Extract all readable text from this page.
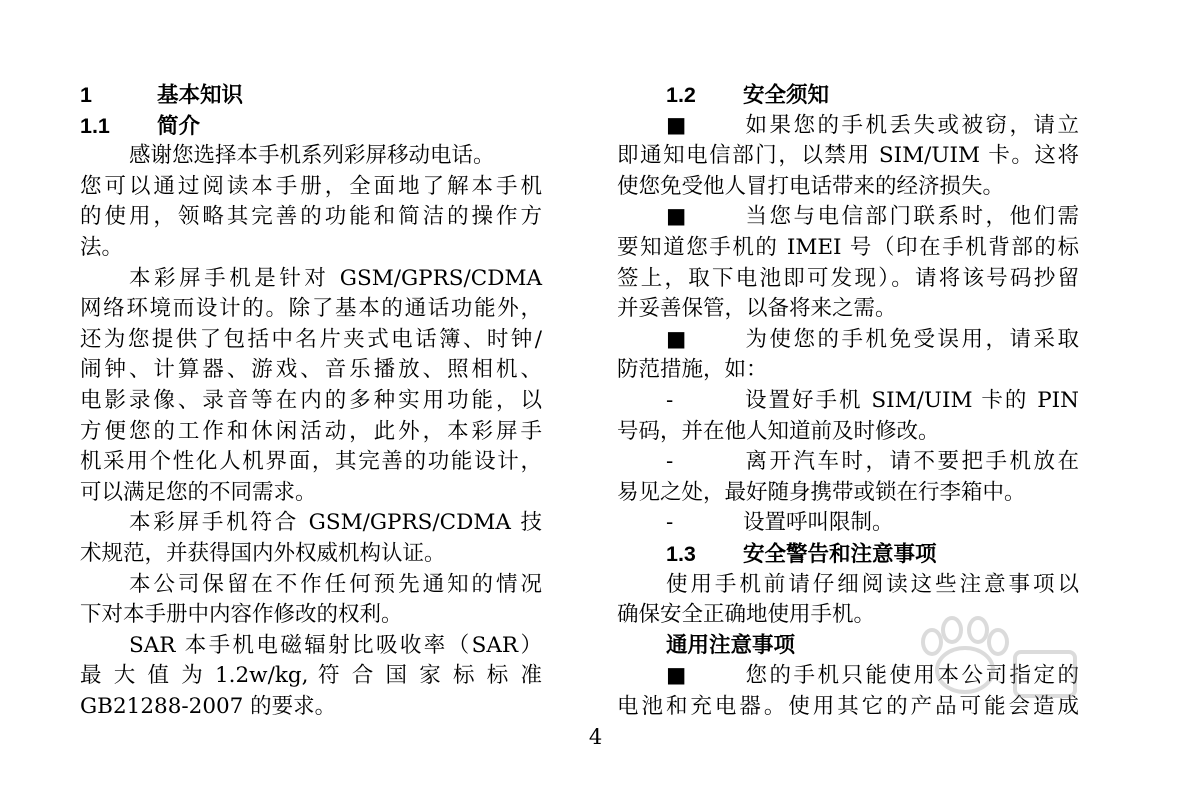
1	基本知识
1.1 简介
感谢您选择本手机系列彩屏移动电话。
您可以通过阅读本手册，全面地了解本手机
的使用，领略其完善的功能和简洁的操作方
法。
本彩屏手机是针对 GSM/GPRS/CDMA
网络环境而设计的。除了基本的通话功能外，
还为您提供了包括中名片夹式电话簿、时钟/
闹钟、计算器、游戏、音乐播放、照相机、
电影录像、录音等在内的多种实用功能，以
方便您的工作和休闲活动，此外，本彩屏手
机采用个性化人机界面，其完善的功能设计，
可以满足您的不同需求。
本彩屏手机符合 GSM/GPRS/CDMA 技
术规范，并获得国内外权威机构认证。
本公司保留在不作任何预先通知的情况
下对本手册中内容作修改的权利。
SAR 本手机电磁辐射比吸收率（SAR）
最 大 值 为 1.2w/kg, 符 合 国 家 标 标 准
GB21288-2007 的要求。
1.2 安全须知
■	如果您的手机丢失或被窃，请立
即通知电信部门，以禁用 SIM/UIM 卡。这将
使您免受他人冒打电话带来的经济损失。
■	当您与电信部门联系时，他们需
要知道您手机的 IMEI 号（印在手机背部的标
签上，取下电池即可发现）。请将该号码抄留
并妥善保管，以备将来之需。
■	为使您的手机免受误用，请采取
防范措施，如：
-	设置好手机 SIM/UIM 卡的 PIN
号码，并在他人知道前及时修改。
-	离开汽车时，请不要把手机放在
易见之处，最好随身携带或锁在行李箱中。
-	设置呼叫限制。
1.3 安全警告和注意事项
使用手机前请仔细阅读这些注意事项以
确保安全正确地使用手机。
通用注意事项
■	您的手机只能使用本公司指定的
电池和充电器。使用其它的产品可能会造成
4
